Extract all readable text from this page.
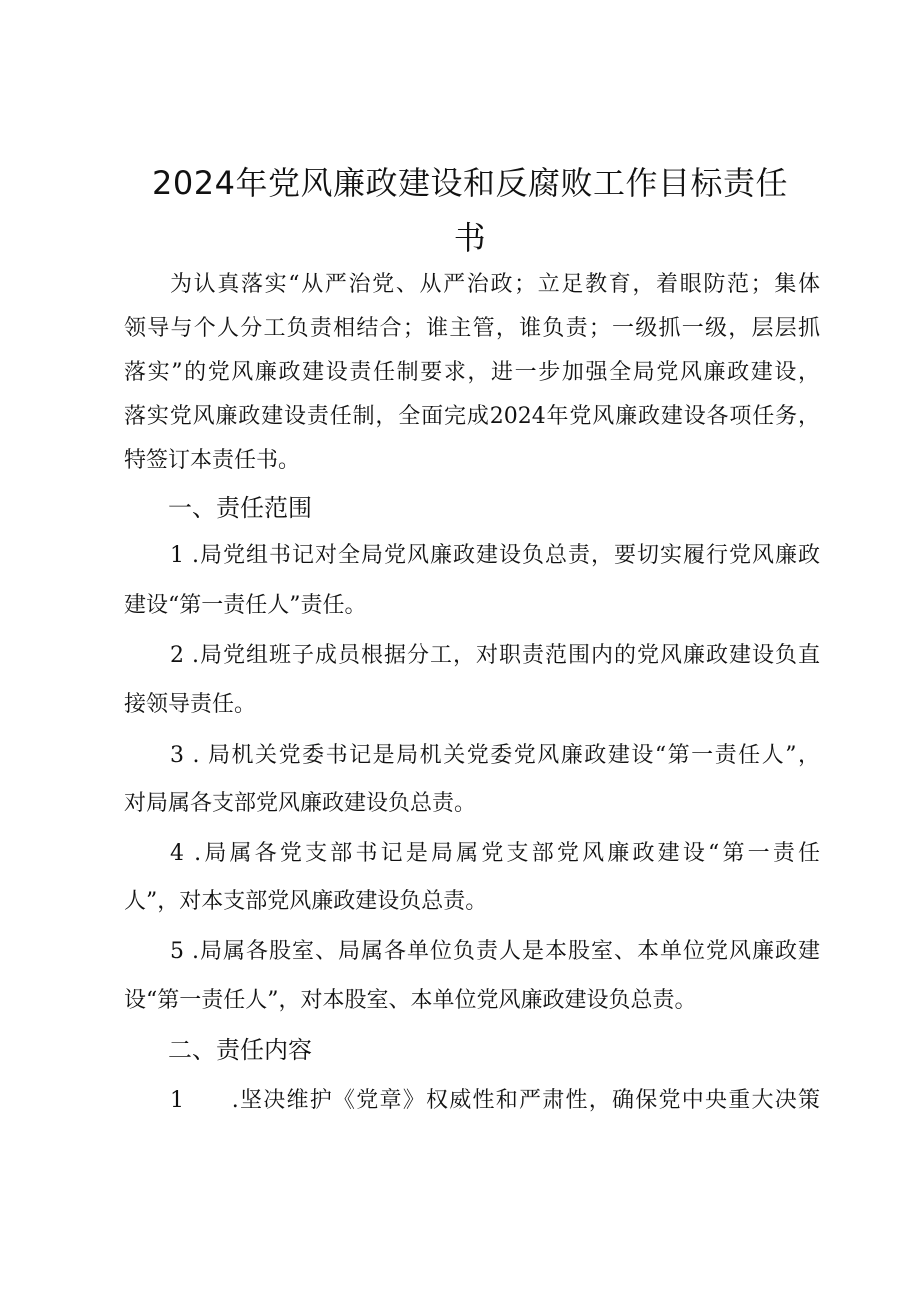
2024年党风廉政建设和反腐败工作目标责任
书
为认真落实“从严治党、从严治政；立足教育，着眼防范；集体
领导与个人分工负责相结合；谁主管，谁负责；一级抓一级，层层抓
落实”的党风廉政建设责任制要求，进一步加强全局党风廉政建设，
落实党风廉政建设责任制，全面完成2024年党风廉政建设各项任务，
特签订本责任书。
一、责任范围
1 .局党组书记对全局党风廉政建设负总责，要切实履行党风廉政
建设“第一责任人”责任。
2 .局党组班子成员根据分工，对职责范围内的党风廉政建设负直
接领导责任。
3 . 局机关党委书记是局机关党委党风廉政建设“第一责任人”，
对局属各支部党风廉政建设负总责。
4 .局属各党支部书记是局属党支部党风廉政建设“第一责任
人”，对本支部党风廉政建设负总责。
5 .局属各股室、局属各单位负责人是本股室、本单位党风廉政建
设“第一责任人”，对本股室、本单位党风廉政建设负总责。
二、责任内容
1　　.坚决维护《党章》权威性和严肃性，确保党中央重大决策
